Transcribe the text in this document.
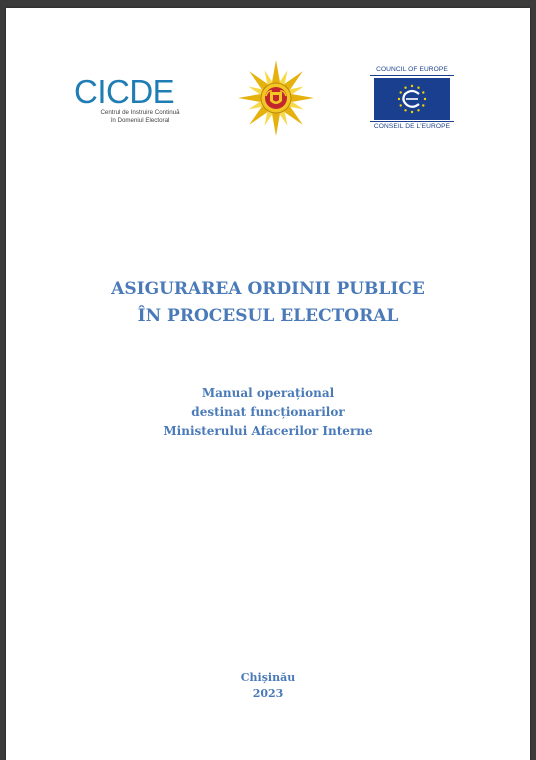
CICDE
Centrul de Instruire Continuă
în Domeniul Electoral
COUNCIL OF EUROPE
CONSEIL DE L'EUROPE
ASIGURAREA ORDINII PUBLICE
ÎN PROCESUL ELECTORAL
Manual operațional
destinat funcționarilor
Ministerului Afacerilor Interne
Chișinău
2023
